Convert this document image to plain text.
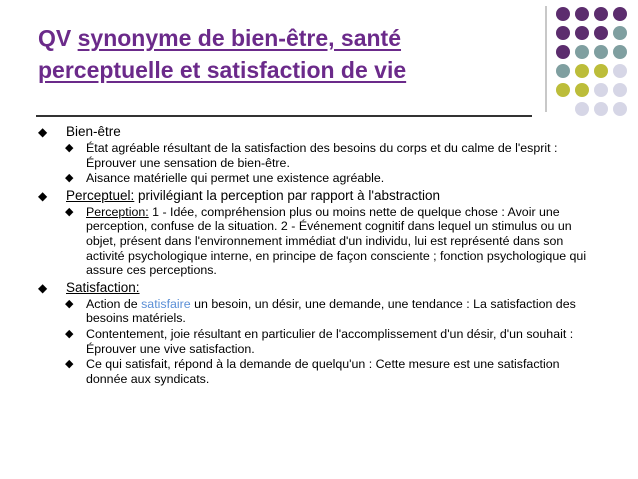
QV synonyme de bien-être, santé
perceptuelle et satisfaction de vie
◆ Bien-être
◆ État agréable résultant de la satisfaction des besoins du corps et du calme de l'esprit : Éprouver une sensation de bien-être.
◆ Aisance matérielle qui permet une existence agréable.
◆ Perceptuel: privilégiant la perception par rapport à l'abstraction
◆ Perception: 1 - Idée, compréhension plus ou moins nette de quelque chose : Avoir une perception, confuse de la situation. 2 - Événement cognitif dans lequel un stimulus ou un objet, présent dans l'environnement immédiat d'un individu, lui est représenté dans son activité psychologique interne, en principe de façon consciente ; fonction psychologique qui assure ces perceptions.
◆ Satisfaction:
◆ Action de satisfaire un besoin, un désir, une demande, une tendance : La satisfaction des besoins matériels.
◆ Contentement, joie résultant en particulier de l'accomplissement d'un désir, d'un souhait : Éprouver une vive satisfaction.
◆ Ce qui satisfait, répond à la demande de quelqu'un : Cette mesure est une satisfaction donnée aux syndicats.
